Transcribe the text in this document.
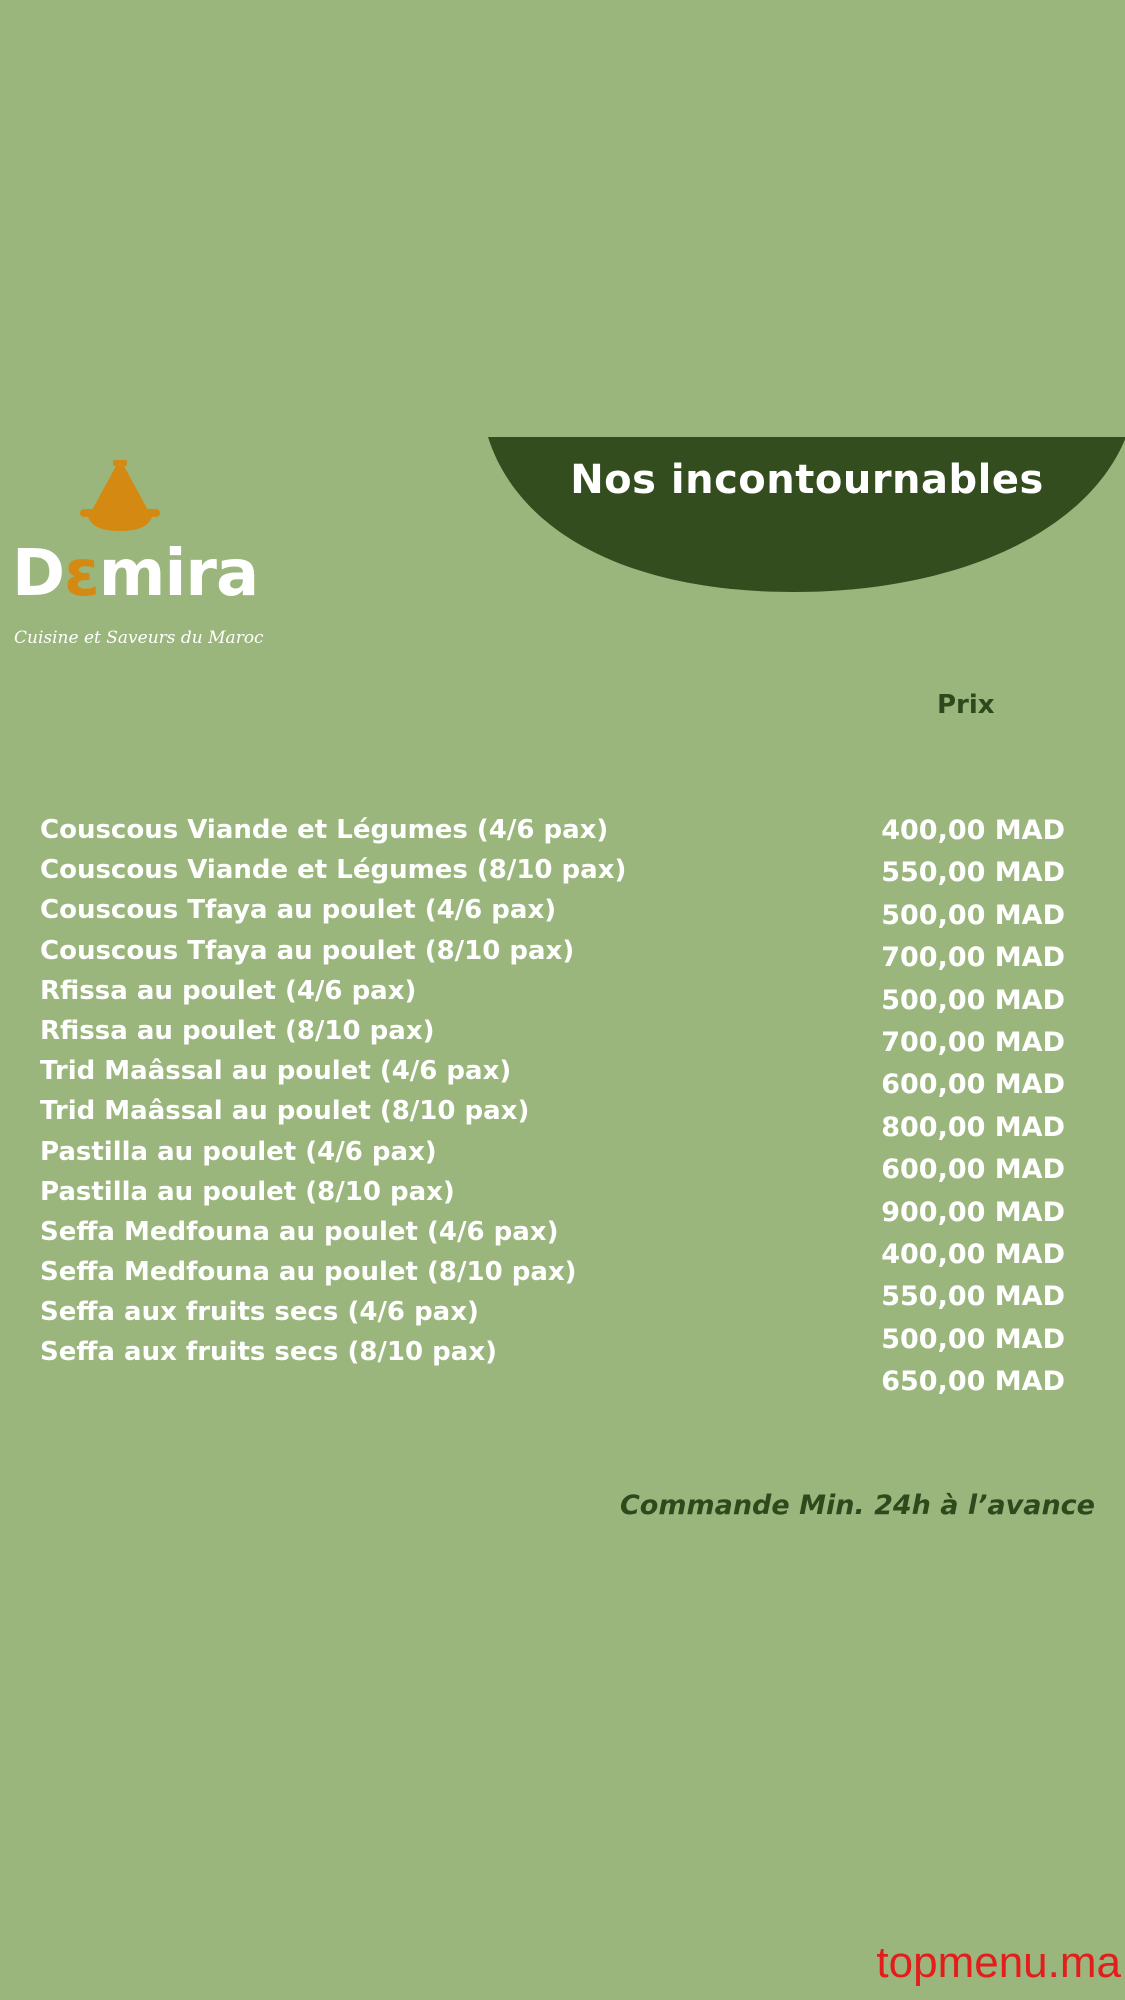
Nos incontournables
Dɛmira
Cuisine et Saveurs du Maroc
Prix
Couscous Viande et Légumes (4/6 pax)
Couscous Viande et Légumes (8/10 pax)
Couscous Tfaya au poulet (4/6 pax)
Couscous Tfaya au poulet (8/10 pax)
Rfissa au poulet (4/6 pax)
Rfissa au poulet (8/10 pax)
Trid Maâssal au poulet (4/6 pax)
Trid Maâssal au poulet (8/10 pax)
Pastilla au poulet (4/6 pax)
Pastilla au poulet (8/10 pax)
Seffa Medfouna au poulet (4/6 pax)
Seffa Medfouna au poulet (8/10 pax)
Seffa aux fruits secs (4/6 pax)
Seffa aux fruits secs (8/10 pax)
400,00 MAD
550,00 MAD
500,00 MAD
700,00 MAD
500,00 MAD
700,00 MAD
600,00 MAD
800,00 MAD
600,00 MAD
900,00 MAD
400,00 MAD
550,00 MAD
500,00 MAD
650,00 MAD
Commande Min. 24h à l’avance
topmenu.ma
